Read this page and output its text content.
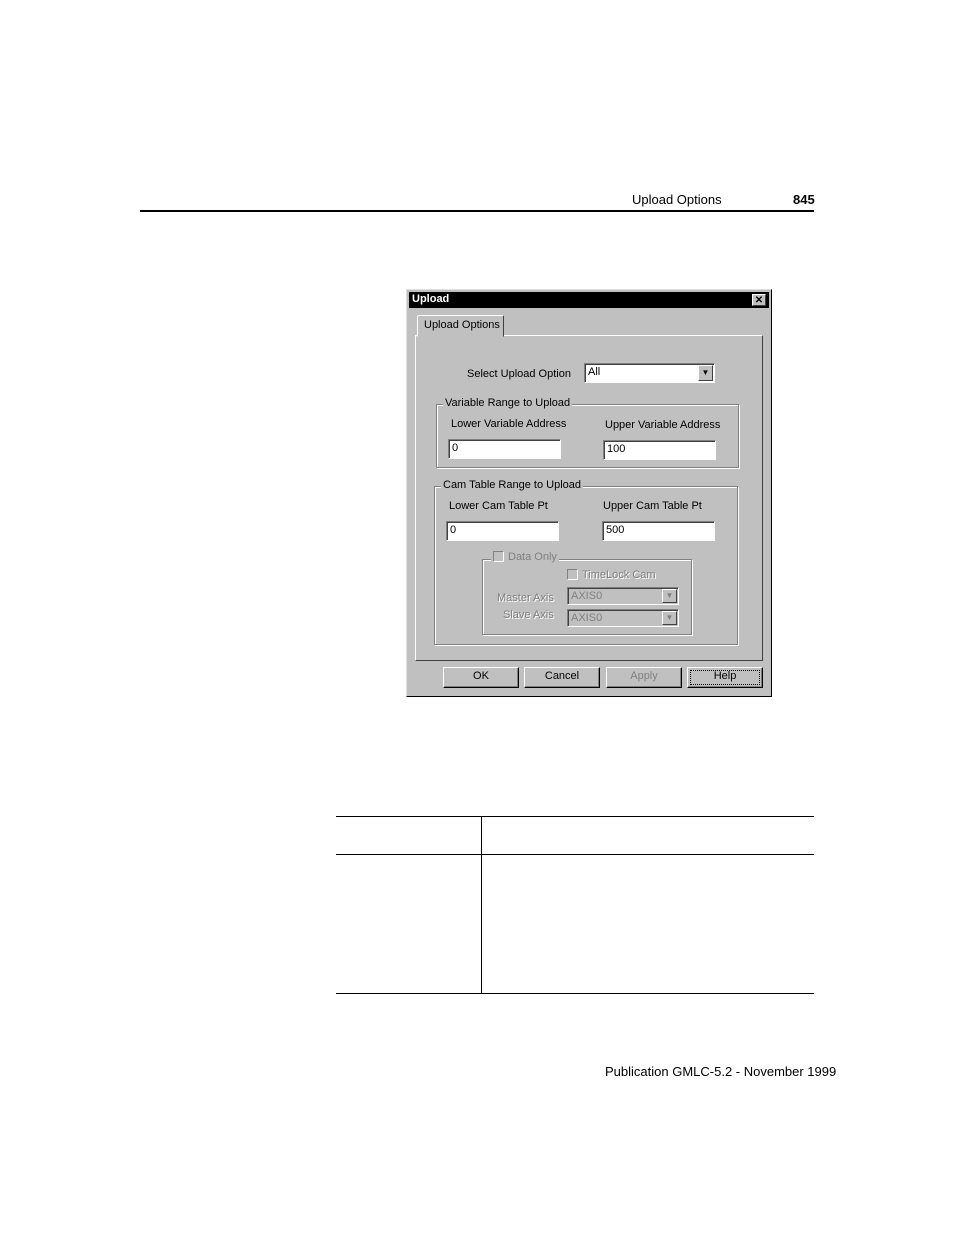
Upload Options	845
Upload	✕
Upload Options
Select Upload Option	All	▼
Variable Range to Upload
Lower Variable Address	Upper Variable Address
0	100
Cam Table Range to Upload
Lower Cam Table Pt	Upper Cam Table Pt
0	500
Data Only
TimeLock Cam
Master Axis
Slave Axis
AXIS0	▼
AXIS0	▼
OK	Cancel	Apply	Help
Publication GMLC-5.2 - November 1999
